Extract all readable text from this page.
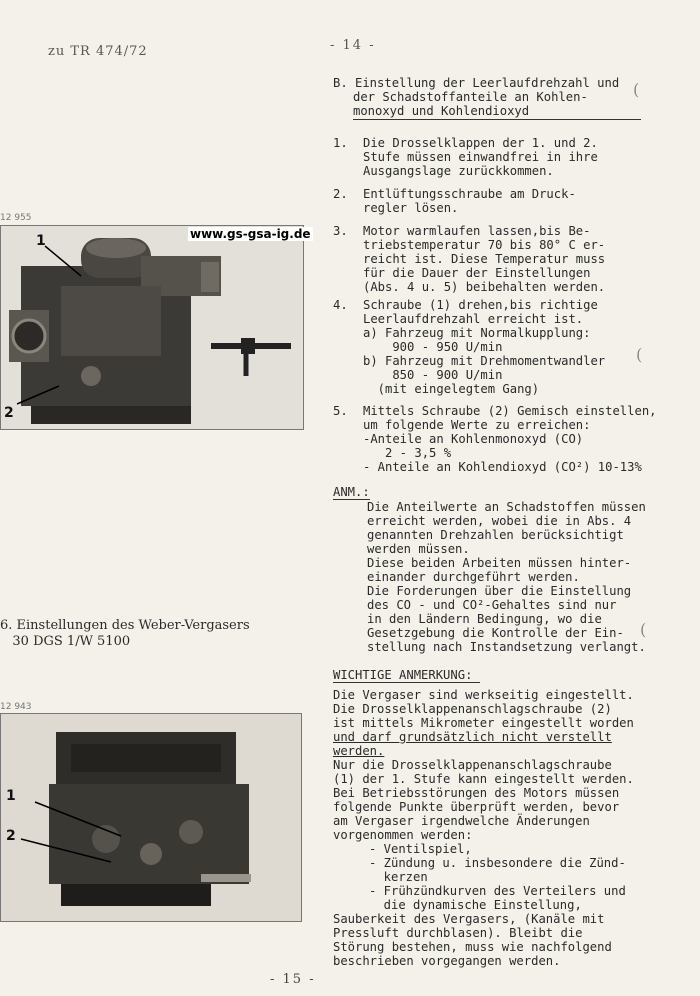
zu TR 474/72	- 14 -
B. Einstellung der Leerlaufdrehzahl und
der Schadstoffanteile an Kohlen-
monoxyd und Kohlendioxyd
1. Die Drosselklappen der 1. und 2.
Stufe müssen einwandfrei in ihre
Ausgangslage zurückkommen.
2. Entlüftungsschraube am Druck-
regler lösen.
3. Motor warmlaufen lassen,bis Be-
triebstemperatur 70 bis 80° C er-
reicht ist. Diese Temperatur muss
für die Dauer der Einstellungen
(Abs. 4 u. 5) beibehalten werden.
4. Schraube (1) drehen,bis richtige
Leerlaufdrehzahl erreicht ist.
a) Fahrzeug mit Normalkupplung:
900 - 950 U/min
b) Fahrzeug mit Drehmomentwandler
850 - 900 U/min
(mit eingelegtem Gang)
5. Mittels Schraube (2) Gemisch einstellen,
um folgende Werte zu erreichen:
-Anteile an Kohlenmonoxyd (CO)
2 - 3,5 %
- Anteile an Kohlendioxyd (CO²) 10-13%
ANM.:
Die Anteilwerte an Schadstoffen müssen
erreicht werden, wobei die in Abs. 4
genannten Drehzahlen berücksichtigt
werden müssen.
Diese beiden Arbeiten müssen hinter-
einander durchgeführt werden.
Die Forderungen über die Einstellung
des CO - und CO²-Gehaltes sind nur
in den Ländern Bedingung, wo die
Gesetzgebung die Kontrolle der Ein-
stellung nach Instandsetzung verlangt.
WICHTIGE ANMERKUNG:
Die Vergaser sind werkseitig eingestellt.
Die Drosselklappenanschlagschraube (2)
ist mittels Mikrometer eingestellt worden
und darf grundsätzlich nicht verstellt
werden.
Nur die Drosselklappenanschlagschraube
(1) der 1. Stufe kann eingestellt werden.
Bei Betriebsstörungen des Motors müssen
folgende Punkte überprüft werden, bevor
am Vergaser irgendwelche Änderungen
vorgenommen werden:
- Ventilspiel,
- Zündung u. insbesondere die Zünd-
kerzen
- Frühzündkurven des Verteilers und
die dynamische Einstellung,
Sauberkeit des Vergasers, (Kanäle mit
Pressluft durchblasen). Bleibt die
Störung bestehen, muss wie nachfolgend
beschrieben vorgegangen werden.
12 955
www.gs-gsa-ig.de
1
2
6. Einstellungen des Weber-Vergasers
30 DGS 1/W 5100
12 943
1
2
(
(
(
- 15 -
